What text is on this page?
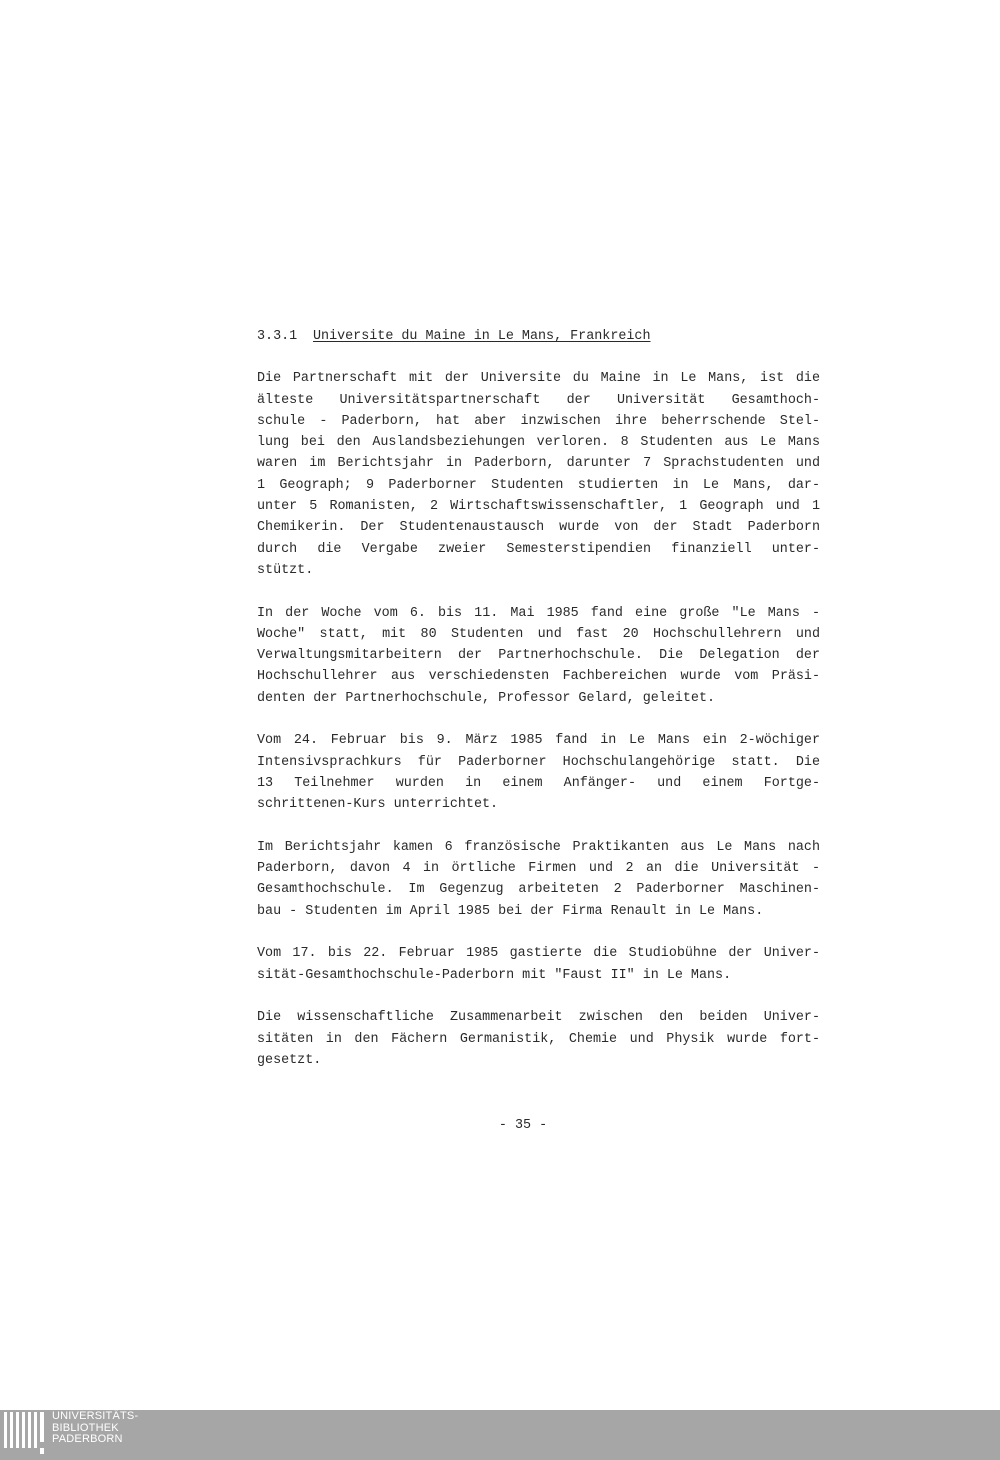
3.3.1 Universite du Maine in Le Mans, Frankreich
Die Partnerschaft mit der Universite du Maine in Le Mans, ist die
älteste Universitätspartnerschaft der Universität Gesamthoch-
schule - Paderborn, hat aber inzwischen ihre beherrschende Stel-
lung bei den Auslandsbeziehungen verloren. 8 Studenten aus Le Mans
waren im Berichtsjahr in Paderborn, darunter 7 Sprachstudenten und
1 Geograph; 9 Paderborner Studenten studierten in Le Mans, dar-
unter 5 Romanisten, 2 Wirtschaftswissenschaftler, 1 Geograph und 1
Chemikerin. Der Studentenaustausch wurde von der Stadt Paderborn
durch die Vergabe zweier Semesterstipendien finanziell unter-
stützt.
In der Woche vom 6. bis 11. Mai 1985 fand eine große "Le Mans -
Woche" statt, mit 80 Studenten und fast 20 Hochschullehrern und
Verwaltungsmitarbeitern der Partnerhochschule. Die Delegation der
Hochschullehrer aus verschiedensten Fachbereichen wurde vom Präsi-
denten der Partnerhochschule, Professor Gelard, geleitet.
Vom 24. Februar bis 9. März 1985 fand in Le Mans ein 2-wöchiger
Intensivsprachkurs für Paderborner Hochschulangehörige statt. Die
13 Teilnehmer wurden in einem Anfänger- und einem Fortge-
schrittenen-Kurs unterrichtet.
Im Berichtsjahr kamen 6 französische Praktikanten aus Le Mans nach
Paderborn, davon 4 in örtliche Firmen und 2 an die Universität -
Gesamthochschule. Im Gegenzug arbeiteten 2 Paderborner Maschinen-
bau - Studenten im April 1985 bei der Firma Renault in Le Mans.
Vom 17. bis 22. Februar 1985 gastierte die Studiobühne der Univer-
sität-Gesamthochschule-Paderborn mit "Faust II" in Le Mans.
Die wissenschaftliche Zusammenarbeit zwischen den beiden Univer-
sitäten in den Fächern Germanistik, Chemie und Physik wurde fort-
gesetzt.
- 35 -
UNIVERSITÄTS-
BIBLIOTHEK
PADERBORN
